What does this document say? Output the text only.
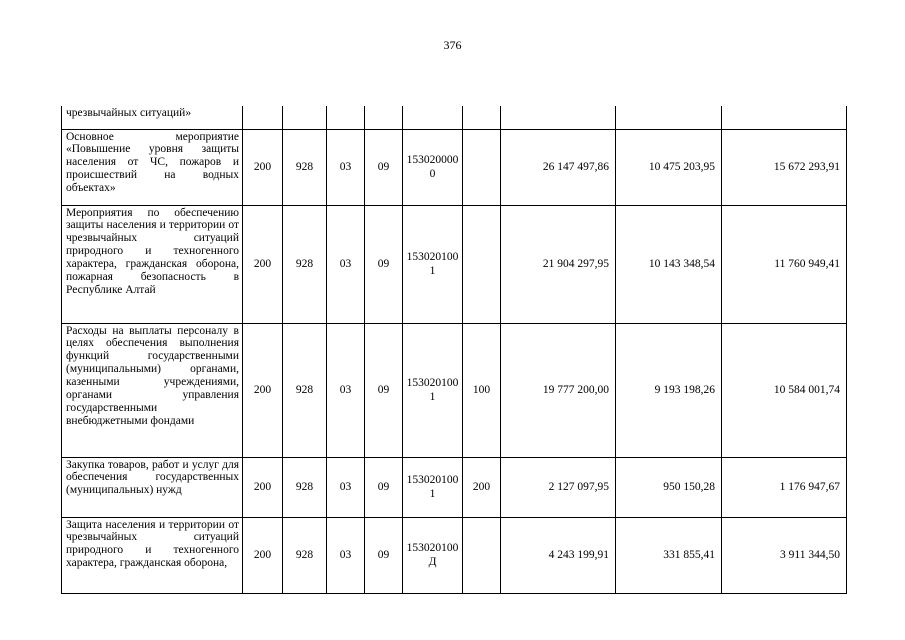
376
чрезвычайных ситуаций»									
Основное мероприятие «Повышение уровня защиты населения от ЧС, пожаров и происшествий на водных объектах»	200	928	03	09	1530200000		26 147 497,86	10 475 203,95	15 672 293,91
Мероприятия по обеспечению защиты населения и территории от чрезвычайных ситуаций природного и техногенного характера, гражданская оборона, пожарная безопасность в Республике Алтай	200	928	03	09	1530201001		21 904 297,95	10 143 348,54	11 760 949,41
Расходы на выплаты персоналу в целях обеспечения выполнения функций государственными (муниципальными) органами, казенными учреждениями, органами управления государственными внебюджетными фондами	200	928	03	09	1530201001	100	19 777 200,00	9 193 198,26	10 584 001,74
Закупка товаров, работ и услуг для обеспечения государственных (муниципальных) нужд	200	928	03	09	1530201001	200	2 127 097,95	950 150,28	1 176 947,67
Защита населения и территории от чрезвычайных ситуаций природного и техногенного характера, гражданская оборона,	200	928	03	09	153020100Д		4 243 199,91	331 855,41	3 911 344,50
